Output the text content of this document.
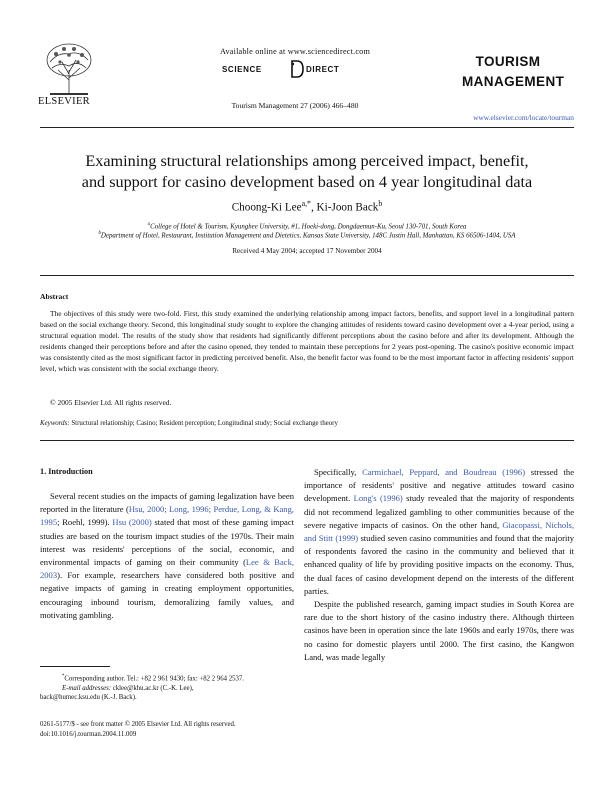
ELSEVIER
Available online at www.sciencedirect.com
SCIENCE	DIRECT
Tourism Management 27 (2006) 466–480
TOURISM
MANAGEMENT
www.elsevier.com/locate/tourman
Examining structural relationships among perceived impact, benefit,
and support for casino development based on 4 year longitudinal data
Choong-Ki Lee$^{a,*}$, Ki-Joon Back$^b$
$^a$College of Hotel & Tourism, Kyunghee University, #1, Hoeki-dong, Dongdaemun-Ku, Seoul 130-701, South Korea
$^b$Department of Hotel, Restaurant, Institution Management and Dietetics, Kansas State University, 148C Justin Hall, Manhattan, KS 66506-1404, USA
Received 4 May 2004; accepted 17 November 2004
Abstract
The objectives of this study were two-fold. First, this study examined the underlying relationship among impact factors, benefits, and support level in a longitudinal pattern based on the social exchange theory. Second, this longitudinal study sought to explore the changing attitudes of residents toward casino development over a 4-year period, using a structural equation model. The results of the study show that residents had significantly different perceptions about the casino before and after its development. Although the residents changed their perceptions before and after the casino opened, they tended to maintain these perceptions for 2 years post-opening. The casino's positive economic impact was consistently cited as the most significant factor in predicting perceived benefit. Also, the benefit factor was found to be the most important factor in affecting residents' support level, which was consistent with the social exchange theory.
© 2005 Elsevier Ltd. All rights reserved.
Keywords: Structural relationship; Casino; Resident perception; Longitudinal study; Social exchange theory
1. Introduction

Several recent studies on the impacts of gaming legalization have been reported in the literature (Hsu, 2000; Long, 1996; Perdue, Long, & Kang, 1995; Roehl, 1999). Hsu (2000) stated that most of these gaming impact studies are based on the tourism impact studies of the 1970s. Their main interest was residents' perceptions of the social, economic, and environmental impacts of gaming on their community (Lee & Back, 2003). For example, researchers have considered both positive and negative impacts of gaming in creating employment opportunities, encouraging inbound tourism, demoralizing family values, and motivating gambling.

Specifically, Carmichael, Peppard, and Boudreau (1996) stressed the importance of residents' positive and negative attitudes toward casino development. Long's (1996) study revealed that the majority of respondents did not recommend legalized gambling to other communities because of the severe negative impacts of casinos. On the other hand, Giacopassi, Nichols, and Stitt (1999) studied seven casino communities and found that the majority of respondents favored the casino in the community and believed that it enhanced quality of life by providing positive impacts on the economy. Thus, the dual faces of casino development depend on the interests of the different parties.

Despite the published research, gaming impact studies in South Korea are rare due to the short history of the casino industry there. Although thirteen casinos have been in operation since the late 1960s and early 1970s, there was no casino for domestic players until 2000. The first casino, the Kangwon Land, was made legally

*Corresponding author. Tel.: +82 2 961 9430; fax: +82 2 964 2537.
E-mail addresses: cklee@khu.ac.kr (C.-K. Lee),
back@humec.ksu.edu (K.-J. Back).
0261-5177/$ - see front matter © 2005 Elsevier Ltd. All rights reserved.
doi:10.1016/j.tourman.2004.11.009
